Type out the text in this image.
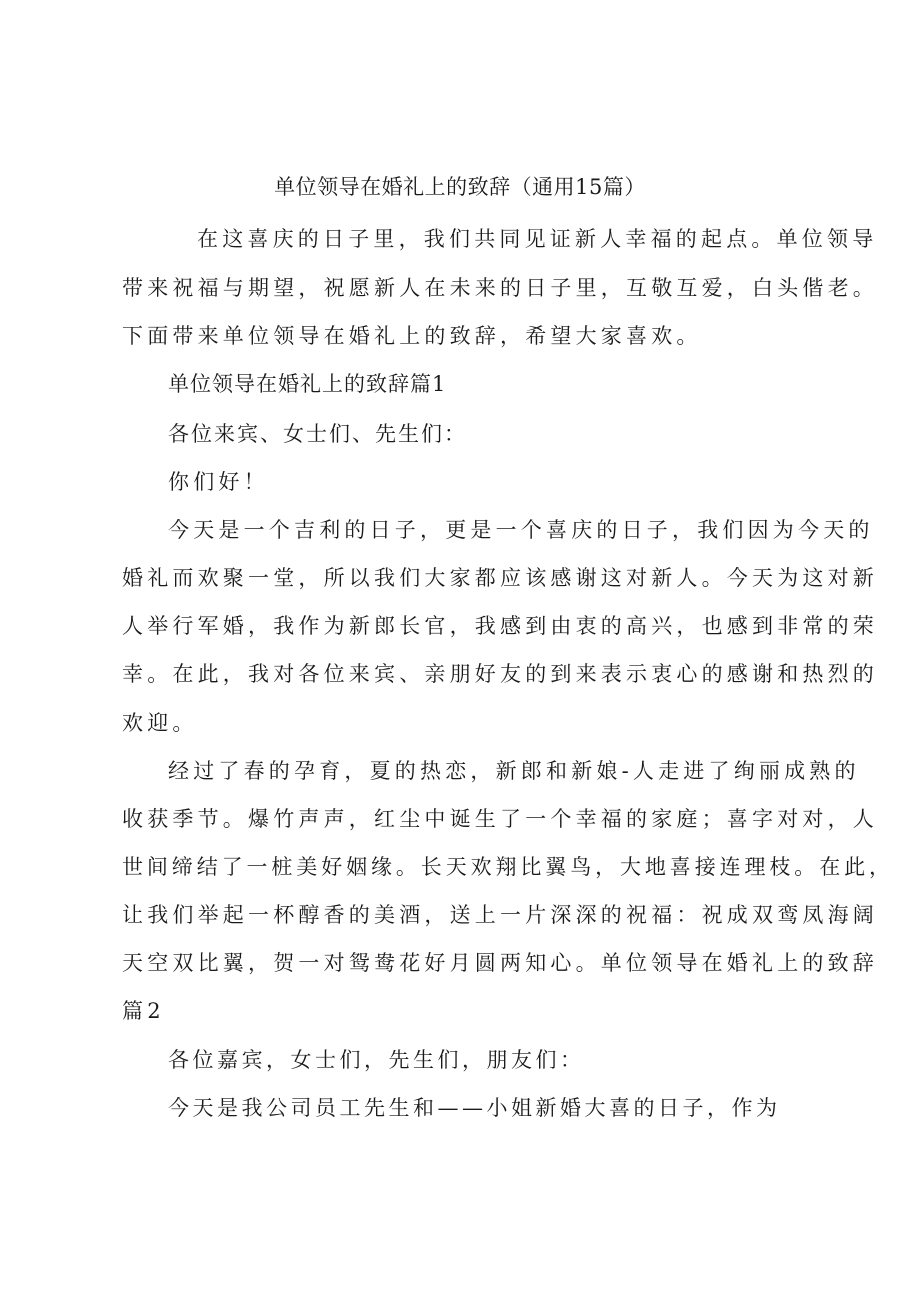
单位领导在婚礼上的致辞（通用15篇）
在这喜庆的日子里，我们共同见证新人幸福的起点。单位领导
带来祝福与期望，祝愿新人在未来的日子里，互敬互爱，白头偕老。
下面带来单位领导在婚礼上的致辞，希望大家喜欢。
单位领导在婚礼上的致辞篇1
各位来宾、女士们、先生们：
你们好！
今天是一个吉利的日子，更是一个喜庆的日子，我们因为今天的
婚礼而欢聚一堂，所以我们大家都应该感谢这对新人。今天为这对新
人举行军婚，我作为新郎长官，我感到由衷的高兴，也感到非常的荣
幸。在此，我对各位来宾、亲朋好友的到来表示衷心的感谢和热烈的
欢迎。
经过了春的孕育，夏的热恋，新郎和新娘-人走进了绚丽成熟的
收获季节。爆竹声声，红尘中诞生了一个幸福的家庭；喜字对对，人
世间缔结了一桩美好姻缘。长天欢翔比翼鸟，大地喜接连理枝。在此，
让我们举起一杯醇香的美酒，送上一片深深的祝福：祝成双鸾凤海阔
天空双比翼，贺一对鸳鸯花好月圆两知心。单位领导在婚礼上的致辞
篇2
各位嘉宾，女士们，先生们，朋友们：
今天是我公司员工先生和——小姐新婚大喜的日子，作为
